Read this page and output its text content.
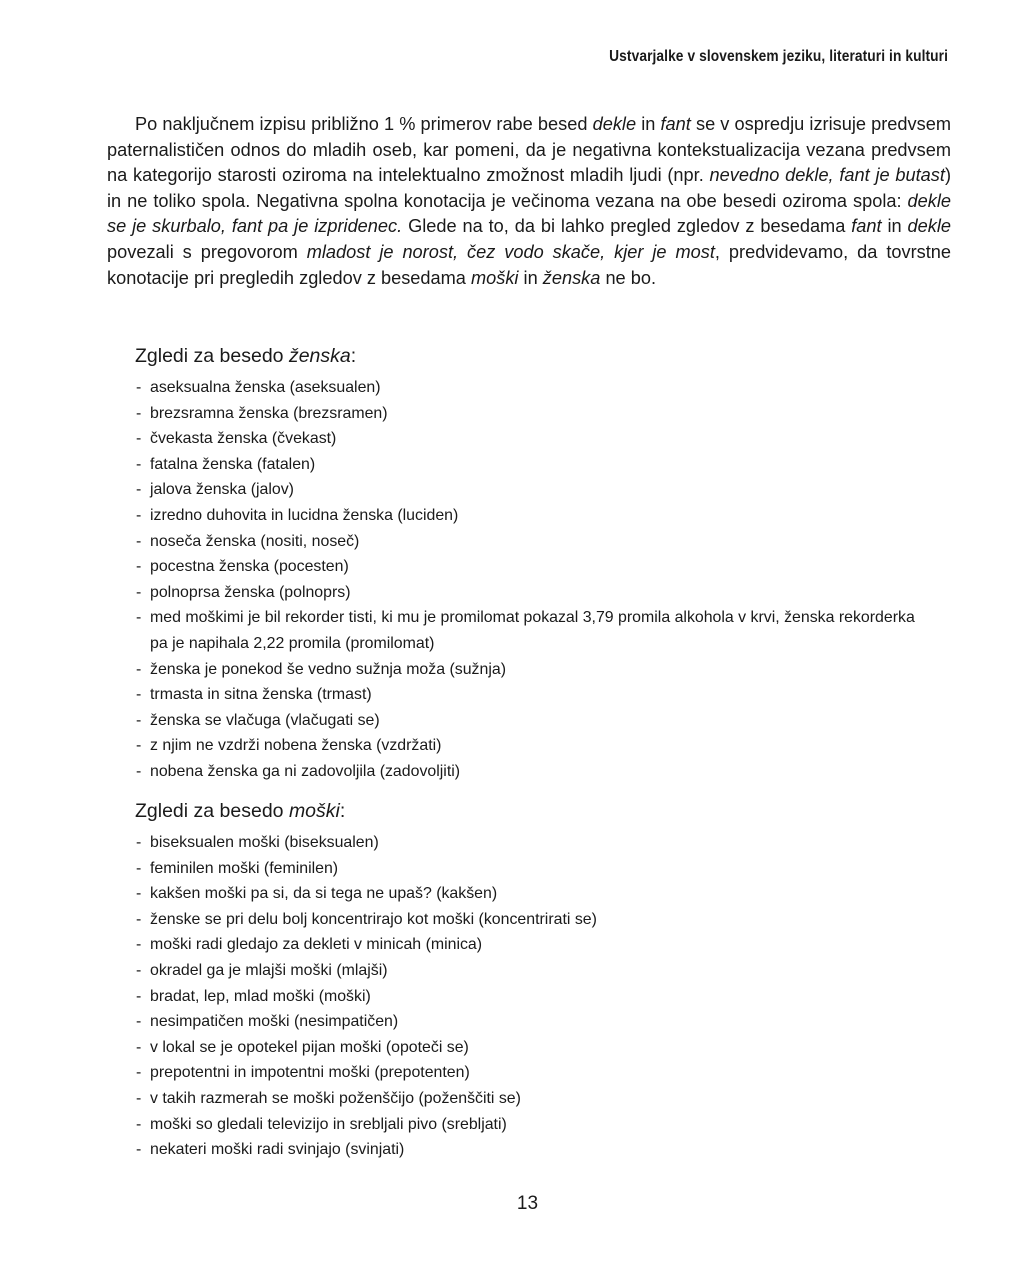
Ustvarjalke v slovenskem jeziku, literaturi in kulturi

Po naključnem izpisu približno 1 % primerov rabe besed dekle in fant se v ospredju izrisuje predvsem paternalističen odnos do mladih oseb, kar pomeni, da je negativna kontekstualizacija vezana predvsem na kategorijo starosti oziroma na intelektualno zmožnost mladih ljudi (npr. nevedno dekle, fant je butast) in ne toliko spola. Negativna spolna konotacija je večinoma vezana na obe besedi oziroma spola: dekle se je skurbalo, fant pa je izpridenec. Glede na to, da bi lahko pregled zgledov z besedama fant in dekle povezali s pregovorom mladost je norost, čez vodo skače, kjer je most, predvidevamo, da tovrstne konotacije pri pregledih zgledov z besedama moški in ženska ne bo.

Zgledi za besedo ženska:
- aseksualna ženska (aseksualen)
- brezsramna ženska (brezsramen)
- čvekasta ženska (čvekast)
- fatalna ženska (fatalen)
- jalova ženska (jalov)
- izredno duhovita in lucidna ženska (luciden)
- noseča ženska (nositi, noseč)
- pocestna ženska (pocesten)
- polnoprsa ženska (polnoprs)
- med moškimi je bil rekorder tisti, ki mu je promilomat pokazal 3,79 promila alkohola v krvi, ženska rekorderka pa je napihala 2,22 promila (promilomat)
- ženska je ponekod še vedno sužnja moža (sužnja)
- trmasta in sitna ženska (trmast)
- ženska se vlačuga (vlačugati se)
- z njim ne vzdrži nobena ženska (vzdržati)
- nobena ženska ga ni zadovoljila (zadovoljiti)
Zgledi za besedo moški:
- biseksualen moški (biseksualen)
- feminilen moški (feminilen)
- kakšen moški pa si, da si tega ne upaš? (kakšen)
- ženske se pri delu bolj koncentrirajo kot moški (koncentrirati se)
- moški radi gledajo za dekleti v minicah (minica)
- okradel ga je mlajši moški (mlajši)
- bradat, lep, mlad moški (moški)
- nesimpatičen moški (nesimpatičen)
- v lokal se je opotekel pijan moški (opoteči se)
- prepotentni in impotentni moški (prepotenten)
- v takih razmerah se moški poženščijo (poženščiti se)
- moški so gledali televizijo in srebljali pivo (srebljati)
- nekateri moški radi svinjajo (svinjati)
13
